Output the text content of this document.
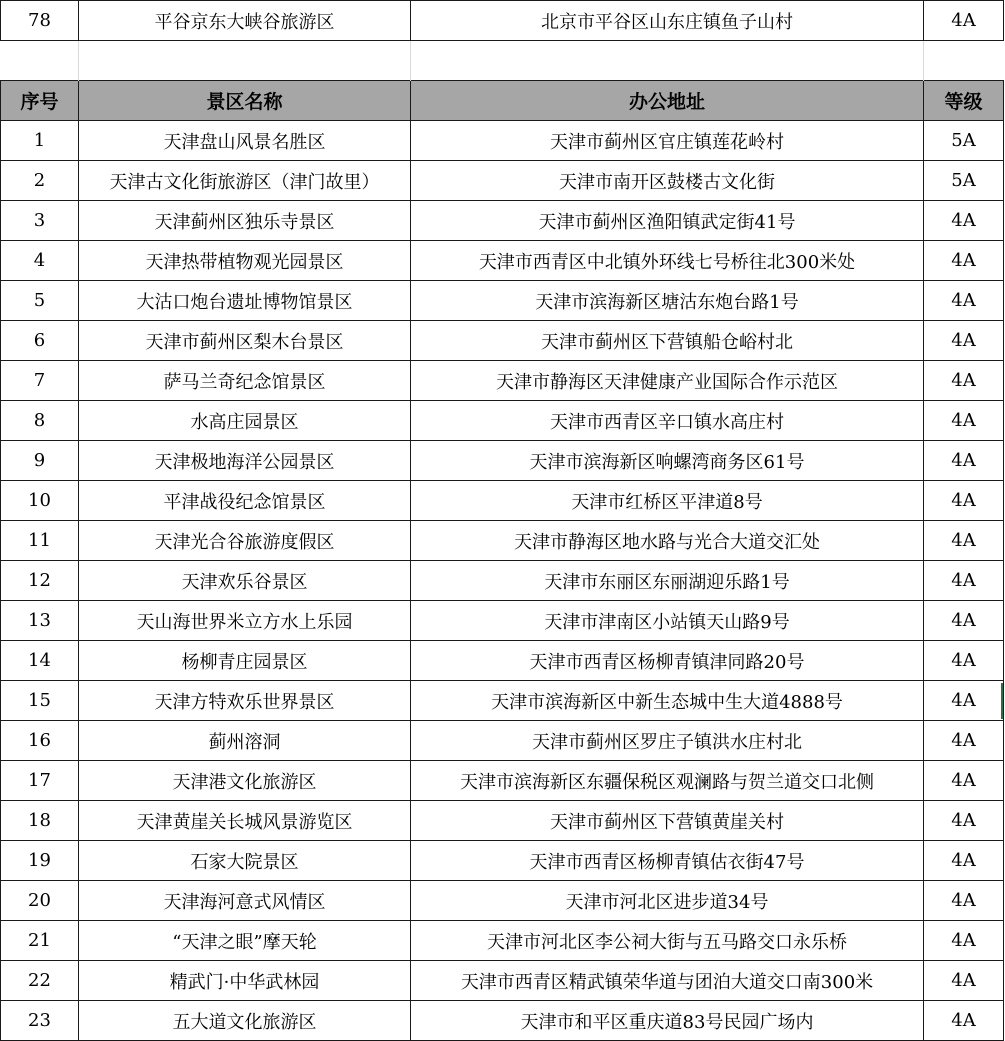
78	平谷京东大峡谷旅游区	北京市平谷区山东庄镇鱼子山村	4A

序号	景区名称	办公地址	等级
1	天津盘山风景名胜区	天津市蓟州区官庄镇莲花岭村	5A
2	天津古文化街旅游区（津门故里）	天津市南开区鼓楼古文化街	5A
3	天津蓟州区独乐寺景区	天津市蓟州区渔阳镇武定街41号	4A
4	天津热带植物观光园景区	天津市西青区中北镇外环线七号桥往北300米处	4A
5	大沽口炮台遗址博物馆景区	天津市滨海新区塘沽东炮台路1号	4A
6	天津市蓟州区梨木台景区	天津市蓟州区下营镇船仓峪村北	4A
7	萨马兰奇纪念馆景区	天津市静海区天津健康产业国际合作示范区	4A
8	水高庄园景区	天津市西青区辛口镇水高庄村	4A
9	天津极地海洋公园景区	天津市滨海新区响螺湾商务区61号	4A
10	平津战役纪念馆景区	天津市红桥区平津道8号	4A
11	天津光合谷旅游度假区	天津市静海区地水路与光合大道交汇处	4A
12	天津欢乐谷景区	天津市东丽区东丽湖迎乐路1号	4A
13	天山海世界米立方水上乐园	天津市津南区小站镇天山路9号	4A
14	杨柳青庄园景区	天津市西青区杨柳青镇津同路20号	4A
15	天津方特欢乐世界景区	天津市滨海新区中新生态城中生大道4888号	4A
16	蓟州溶洞	天津市蓟州区罗庄子镇洪水庄村北	4A
17	天津港文化旅游区	天津市滨海新区东疆保税区观澜路与贺兰道交口北侧	4A
18	天津黄崖关长城风景游览区	天津市蓟州区下营镇黄崖关村	4A
19	石家大院景区	天津市西青区杨柳青镇估衣街47号	4A
20	天津海河意式风情区	天津市河北区进步道34号	4A
21	“天津之眼”摩天轮	天津市河北区李公祠大街与五马路交口永乐桥	4A
22	精武门·中华武林园	天津市西青区精武镇荣华道与团泊大道交口南300米	4A
23	五大道文化旅游区	天津市和平区重庆道83号民园广场内	4A
